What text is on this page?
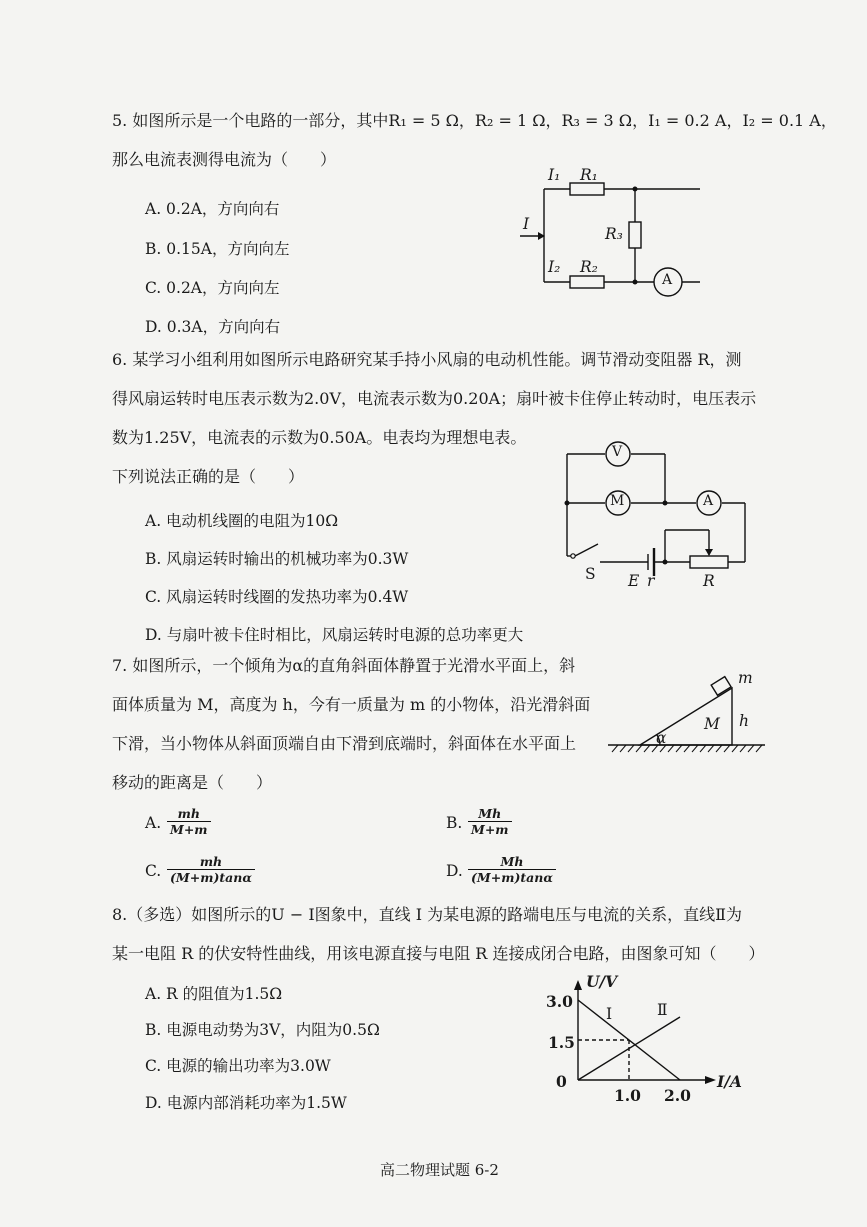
5. 如图所示是一个电路的一部分，其中R₁ = 5 Ω，R₂ = 1 Ω，R₃ = 3 Ω，I₁ = 0.2 A，I₂ = 0.1 A，
那么电流表测得电流为（　　）
A. 0.2A，方向向右
B. 0.15A，方向向左
C. 0.2A，方向向左
D. 0.3A，方向向右
I₁ R₁
I
R₃
I₂ R₂
A
6. 某学习小组利用如图所示电路研究某手持小风扇的电动机性能。调节滑动变阻器 R，测
得风扇运转时电压表示数为2.0V，电流表示数为0.20A；扇叶被卡住停止转动时，电压表示
数为1.25V，电流表的示数为0.50A。电表均为理想电表。
下列说法正确的是（　　）
A. 电动机线圈的电阻为10Ω
B. 风扇运转时输出的机械功率为0.3W
C. 风扇运转时线圈的发热功率为0.4W
D. 与扇叶被卡住时相比，风扇运转时电源的总功率更大
V
M	A
S E r	R
7. 如图所示，一个倾角为α的直角斜面体静置于光滑水平面上，斜
面体质量为 M，高度为 h，今有一质量为 m 的小物体，沿光滑斜面
下滑，当小物体从斜面顶端自由下滑到底端时，斜面体在水平面上
移动的距离是（　　）
A. $\frac{mh}{M+m}$	B. $\frac{Mh}{M+m}$
C. $\frac{mh}{(M+m)\tan\alpha}$	D. $\frac{Mh}{(M+m)\tan\alpha}$
m
M h
α
8.（多选）如图所示的U − I图象中，直线 I 为某电源的路端电压与电流的关系，直线Ⅱ为
某一电阻 R 的伏安特性曲线，用该电源直接与电阻 R 连接成闭合电路，由图象可知（　　）
A. R 的阻值为1.5Ω
B. 电源电动势为3V，内阻为0.5Ω
C. 电源的输出功率为3.0W
D. 电源内部消耗功率为1.5W
U/V
I/A
3.0
1.5
0
1.0 2.0
I	Ⅱ
高二物理试题 6-2
